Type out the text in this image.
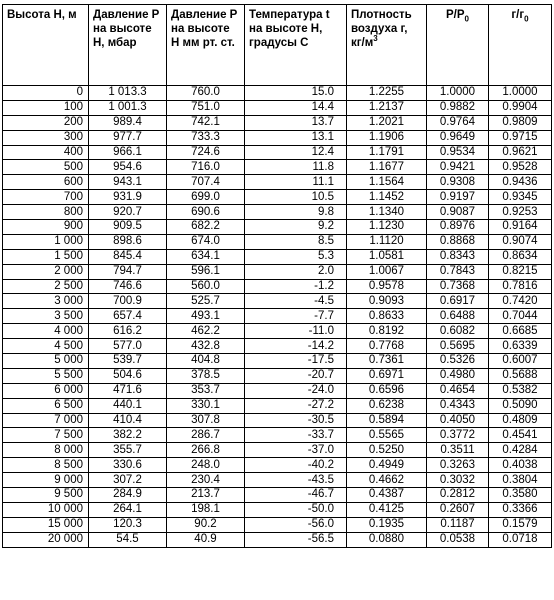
Высота H, м	Давление P на высоте H, мбар	Давление P на высоте H мм рт. ст.	Температура t на высоте H, градусы C	Плотность воздуха г, $кг/м^3$	$P/P_0$	$г/г_0$
0	1 013.3	760.0	15.0	1.2255	1.0000	1.0000
100	1 001.3	751.0	14.4	1.2137	0.9882	0.9904
200	989.4	742.1	13.7	1.2021	0.9764	0.9809
300	977.7	733.3	13.1	1.1906	0.9649	0.9715
400	966.1	724.6	12.4	1.1791	0.9534	0.9621
500	954.6	716.0	11.8	1.1677	0.9421	0.9528
600	943.1	707.4	11.1	1.1564	0.9308	0.9436
700	931.9	699.0	10.5	1.1452	0.9197	0.9345
800	920.7	690.6	9.8	1.1340	0.9087	0.9253
900	909.5	682.2	9.2	1.1230	0.8976	0.9164
1 000	898.6	674.0	8.5	1.1120	0.8868	0.9074
1 500	845.4	634.1	5.3	1.0581	0.8343	0.8634
2 000	794.7	596.1	2.0	1.0067	0.7843	0.8215
2 500	746.6	560.0	-1.2	0.9578	0.7368	0.7816
3 000	700.9	525.7	-4.5	0.9093	0.6917	0.7420
3 500	657.4	493.1	-7.7	0.8633	0.6488	0.7044
4 000	616.2	462.2	-11.0	0.8192	0.6082	0.6685
4 500	577.0	432.8	-14.2	0.7768	0.5695	0.6339
5 000	539.7	404.8	-17.5	0.7361	0.5326	0.6007
5 500	504.6	378.5	-20.7	0.6971	0.4980	0.5688
6 000	471.6	353.7	-24.0	0.6596	0.4654	0.5382
6 500	440.1	330.1	-27.2	0.6238	0.4343	0.5090
7 000	410.4	307.8	-30.5	0.5894	0.4050	0.4809
7 500	382.2	286.7	-33.7	0.5565	0.3772	0.4541
8 000	355.7	266.8	-37.0	0.5250	0.3511	0.4284
8 500	330.6	248.0	-40.2	0.4949	0.3263	0.4038
9 000	307.2	230.4	-43.5	0.4662	0.3032	0.3804
9 500	284.9	213.7	-46.7	0.4387	0.2812	0.3580
10 000	264.1	198.1	-50.0	0.4125	0.2607	0.3366
15 000	120.3	90.2	-56.0	0.1935	0.1187	0.1579
20 000	54.5	40.9	-56.5	0.0880	0.0538	0.0718
